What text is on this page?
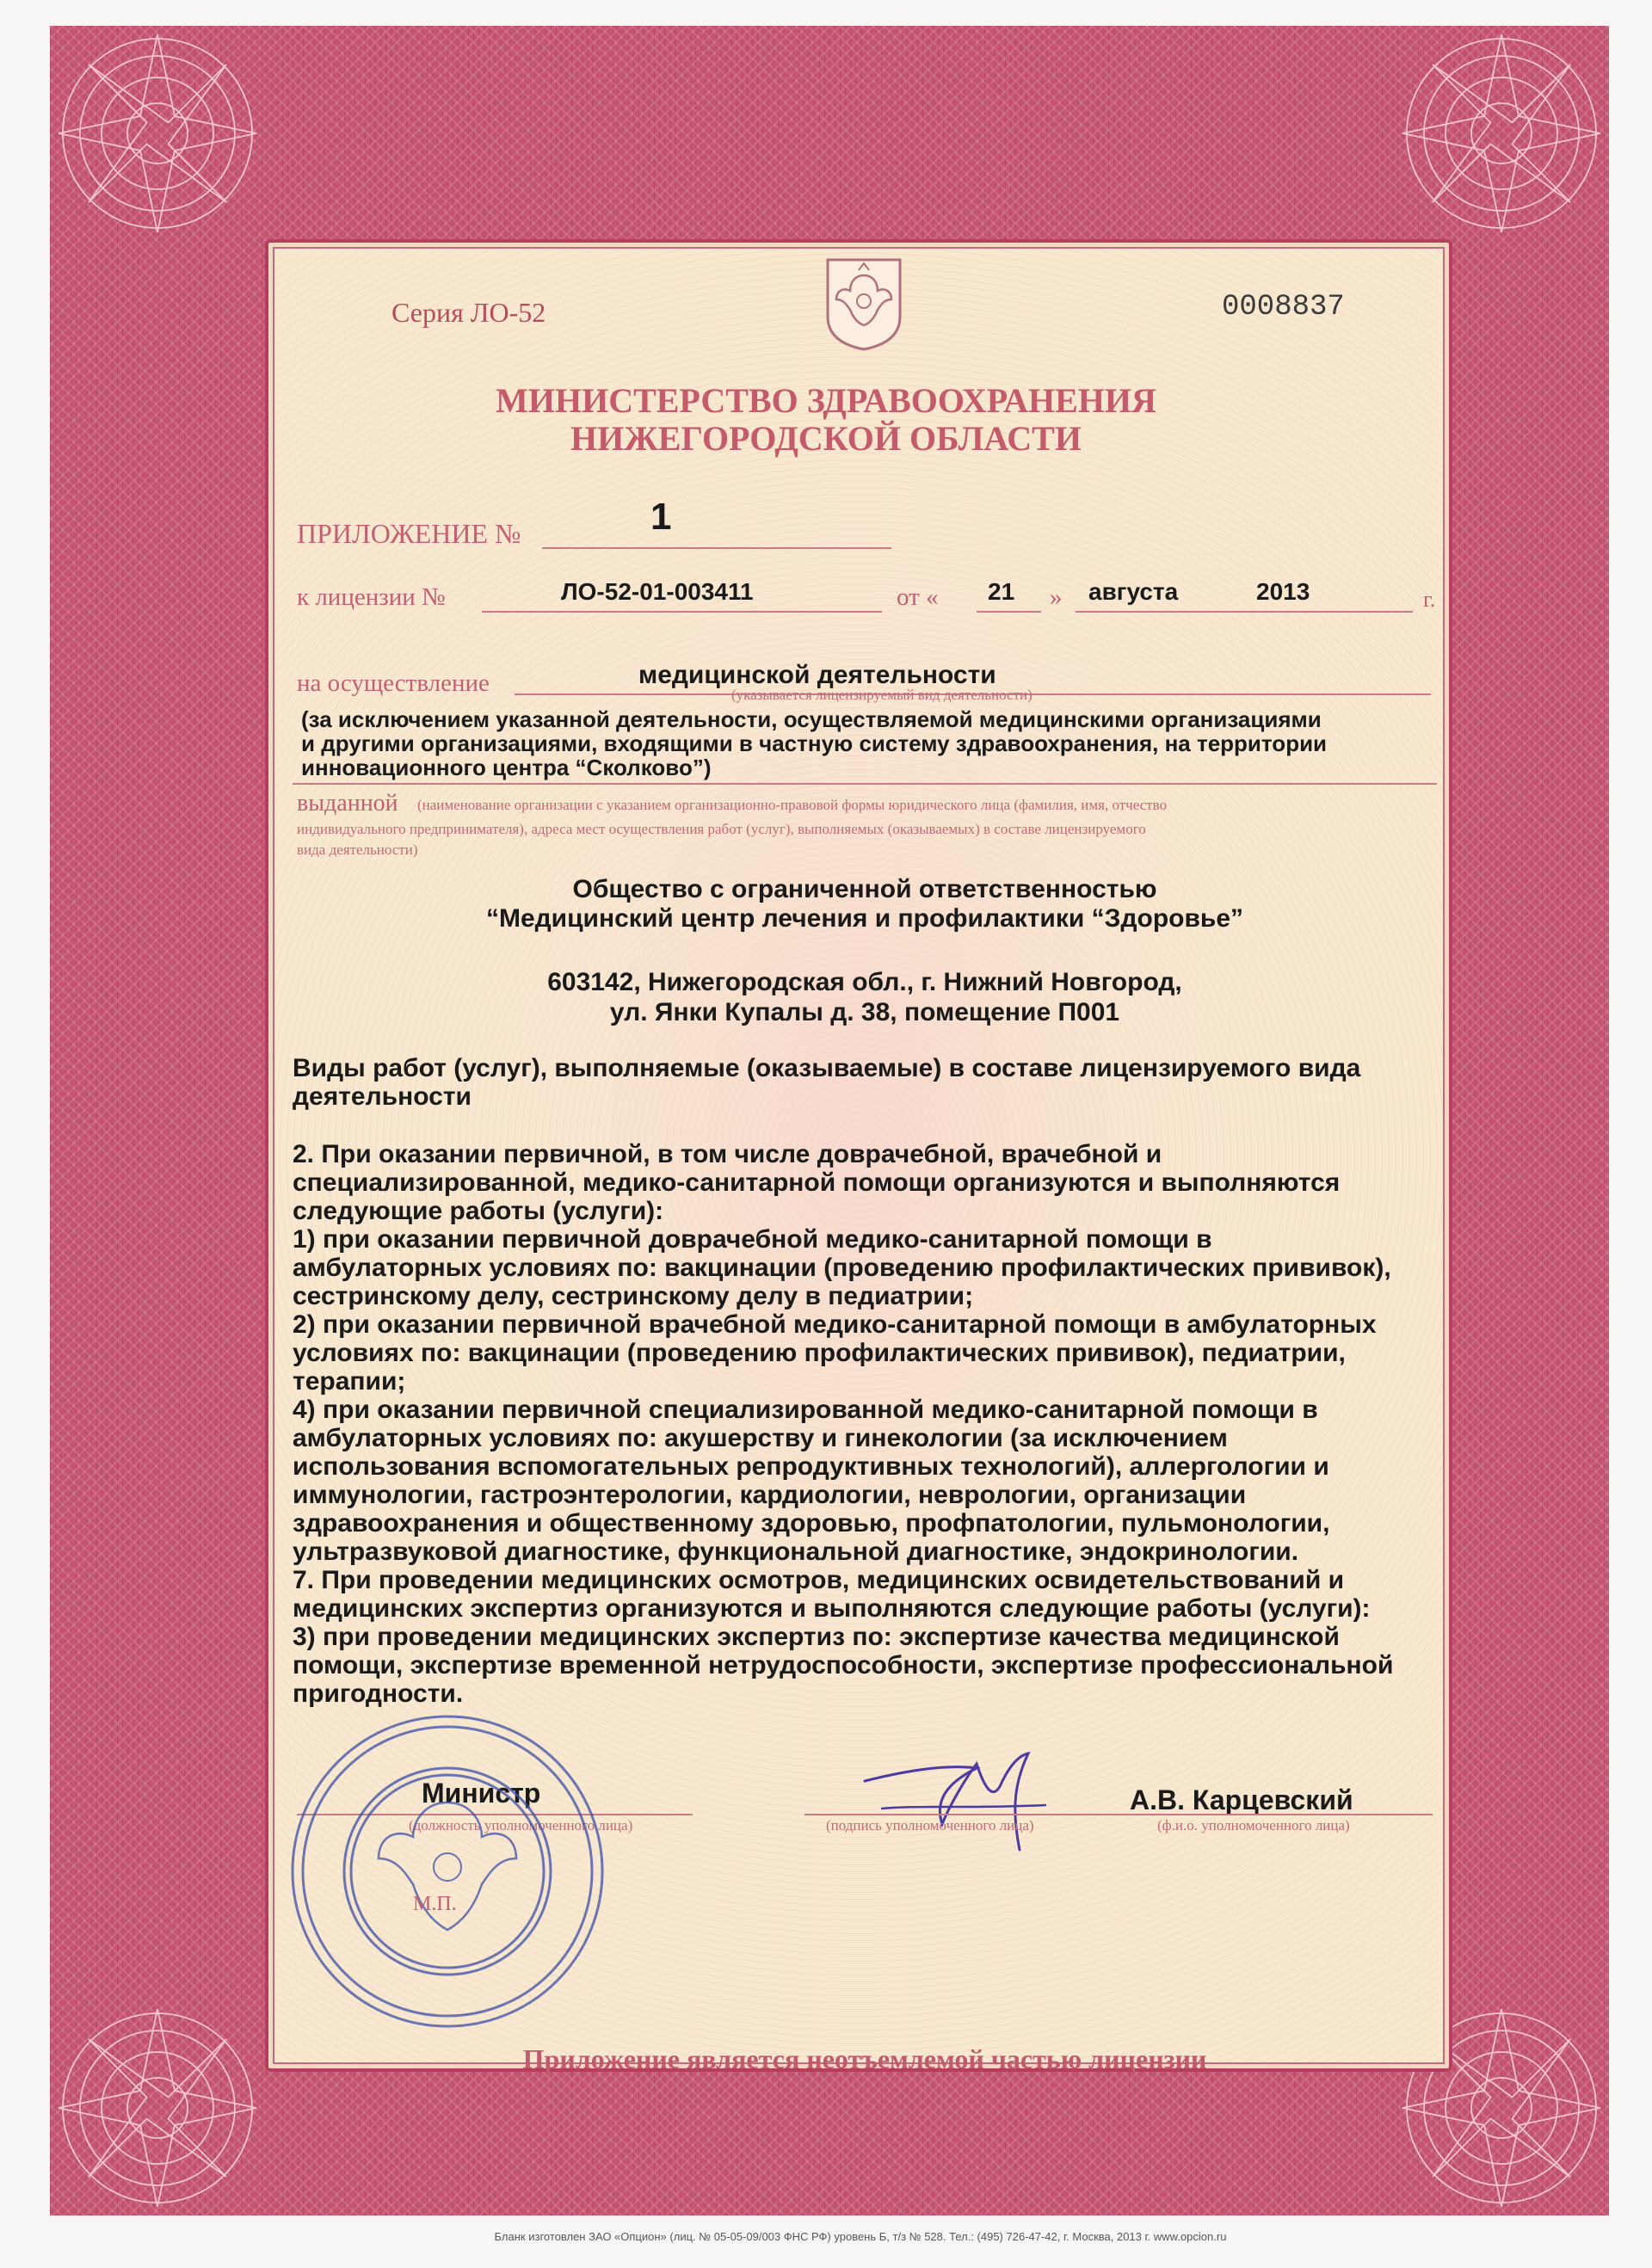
Серия ЛО-52	0008837
МИНИСТЕРСТВО ЗДРАВООХРАНЕНИЯ
НИЖЕГОРОДСКОЙ ОБЛАСТИ
ПРИЛОЖЕНИЕ №	1
к лицензии №	ЛО-52-01-003411	от « 21 » августа	2013	г.
на осуществление	медицинской деятельности
(указывается лицензируемый вид деятельности)
(за исключением указанной деятельности, осуществляемой медицинскими организациями
и другими организациями, входящими в частную систему здравоохранения, на территории
инновационного центра “Сколково”)
выданной (наименование организации с указанием организационно-правовой формы юридического лица (фамилия, имя, отчество
индивидуального предпринимателя), адреса мест осуществления работ (услуг), выполняемых (оказываемых) в составе лицензируемого
вида деятельности)
Общество с ограниченной ответственностью
“Медицинский центр лечения и профилактики “Здоровье”
603142, Нижегородская обл., г. Нижний Новгород,
ул. Янки Купалы д. 38, помещение П001
Виды работ (услуг), выполняемые (оказываемые) в составе лицензируемого вида
деятельности
2. При оказании первичной, в том числе доврачебной, врачебной и
специализированной, медико-санитарной помощи организуются и выполняются
следующие работы (услуги):
1) при оказании первичной доврачебной медико-санитарной помощи в
амбулаторных условиях по: вакцинации (проведению профилактических прививок),
сестринскому делу, сестринскому делу в педиатрии;
2) при оказании первичной врачебной медико-санитарной помощи в амбулаторных
условиях по: вакцинации (проведению профилактических прививок), педиатрии,
терапии;
4) при оказании первичной специализированной медико-санитарной помощи в
амбулаторных условиях по: акушерству и гинекологии (за исключением
использования вспомогательных репродуктивных технологий), аллергологии и
иммунологии, гастроэнтерологии, кардиологии, неврологии, организации
здравоохранения и общественному здоровью, профпатологии, пульмонологии,
ультразвуковой диагностике, функциональной диагностике, эндокринологии.
7. При проведении медицинских осмотров, медицинских освидетельствований и
медицинских экспертиз организуются и выполняются следующие работы (услуги):
3) при проведении медицинских экспертиз по: экспертизе качества медицинской
помощи, экспертизе временной нетрудоспособности, экспертизе профессиональной
пригодности.
Министр
(должность уполномоченного лица)	(подпись уполномоченного лица)
А.В. Карцевский
(ф.и.о. уполномоченного лица)
М.П.
Приложение является неотъемлемой частью лицензии
Бланк изготовлен ЗАО «Опцион» (лиц. № 05-05-09/003 ФНС РФ) уровень Б, т/з № 528. Тел.: (495) 726-47-42, г. Москва, 2013 г. www.opcion.ru
